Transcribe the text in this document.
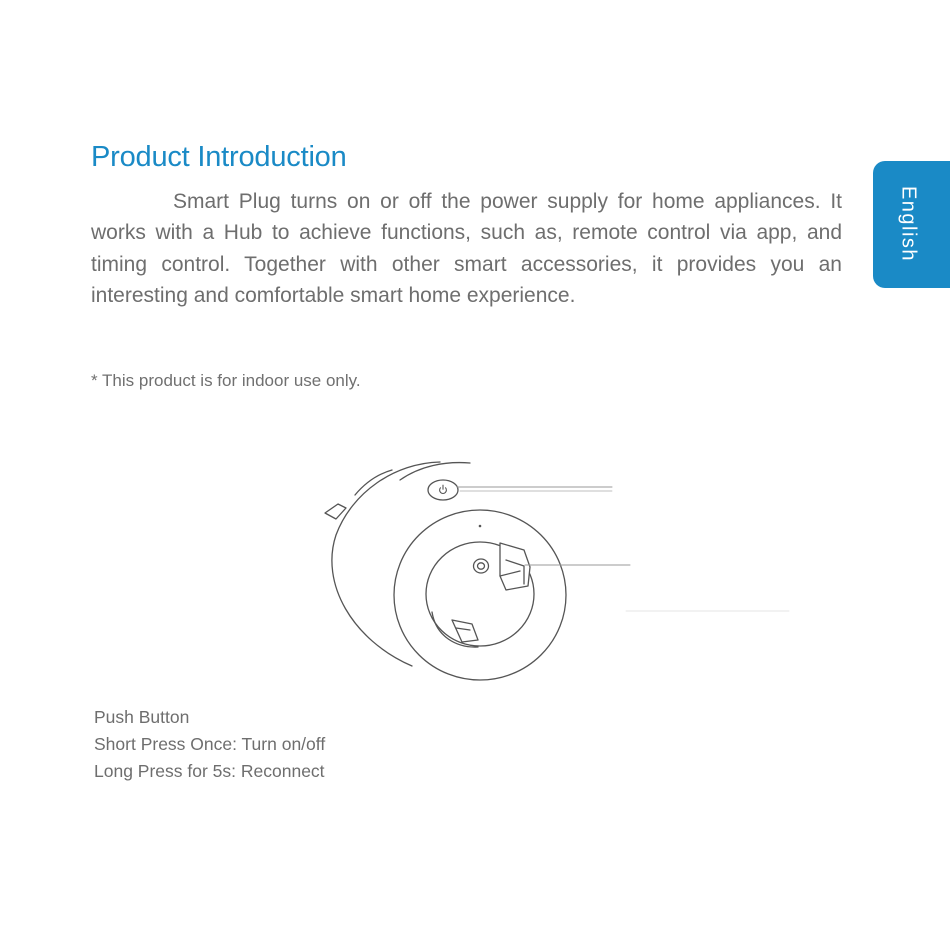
Product Introduction

Smart Plug turns on or off the power supply for home appliances. It works with a Hub to achieve functions, such as, remote control via app, and timing control. Together with other smart accessories, it provides you an interesting and comfortable smart home experience.

* This product is for indoor use only.

English
Push Button
Short Press Once: Turn on/off
Long Press for 5s: Reconnect
